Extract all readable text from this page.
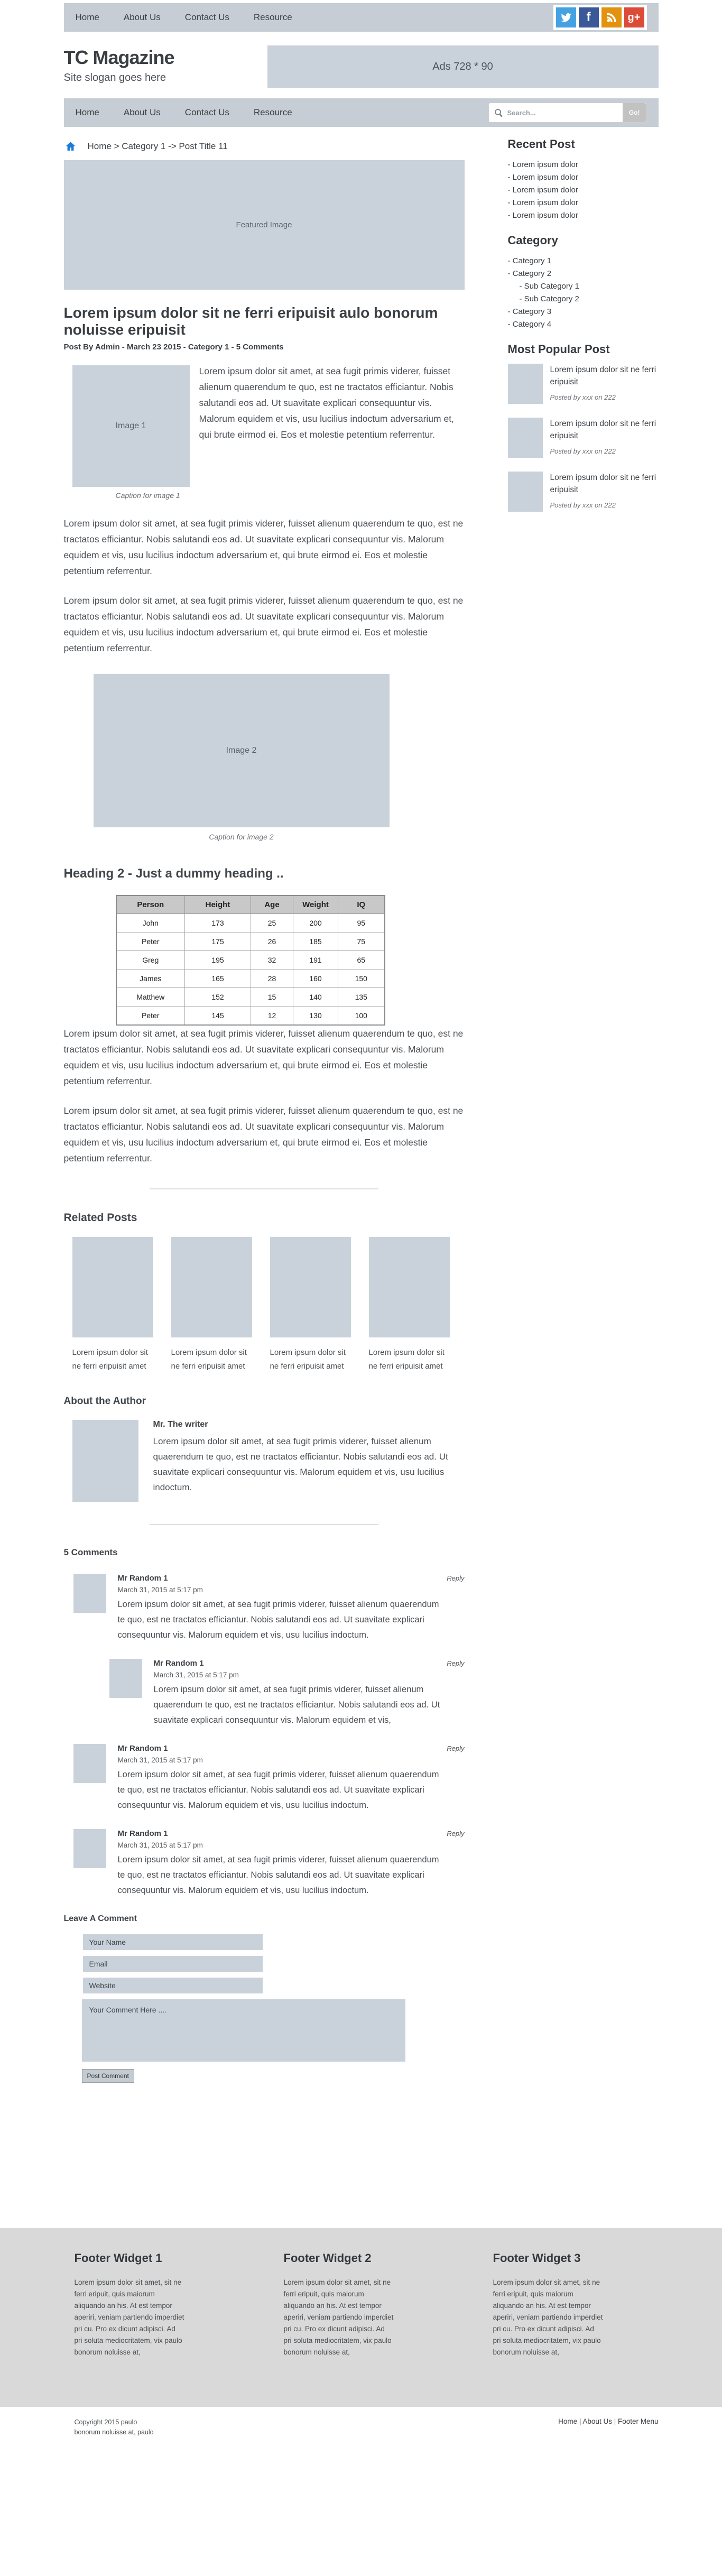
Home	About Us	Contact Us	Resource	f	g+
TC Magazine
Site slogan goes here
Ads 728 * 90
Home	About Us	Contact Us	Resource
Search...	Go!
Home > Category 1 -> Post Title 11
Featured Image
Lorem ipsum dolor sit ne ferri eripuisit aulo bonorum noluisse eripuisit
Post By Admin - March 23 2015 - Category 1 - 5 Comments
Image 1

Lorem ipsum dolor sit amet, at sea fugit primis viderer, fuisset alienum quaerendum te quo, est ne tractatos efficiantur. Nobis salutandi eos ad. Ut suavitate explicari consequuntur vis. Malorum equidem et vis, usu lucilius indoctum adversarium et, qui brute eirmod ei. Eos et molestie petentium referrentur.

Caption for image 1

Lorem ipsum dolor sit amet, at sea fugit primis viderer, fuisset alienum quaerendum te quo, est ne tractatos efficiantur. Nobis salutandi eos ad. Ut suavitate explicari consequuntur vis. Malorum equidem et vis, usu lucilius indoctum adversarium et, qui brute eirmod ei. Eos et molestie petentium referrentur.

Lorem ipsum dolor sit amet, at sea fugit primis viderer, fuisset alienum quaerendum te quo, est ne tractatos efficiantur. Nobis salutandi eos ad. Ut suavitate explicari consequuntur vis. Malorum equidem et vis, usu lucilius indoctum adversarium et, qui brute eirmod ei. Eos et molestie petentium referrentur.

Image 2
Caption for image 2
Heading 2 - Just a dummy heading ..
Person	Height	Age	Weight	IQ
John	173	25	200	95
Peter	175	26	185	75
Greg	195	32	191	65
James	165	28	160	150
Matthew	152	15	140	135
Peter	145	12	130	100

Lorem ipsum dolor sit amet, at sea fugit primis viderer, fuisset alienum quaerendum te quo, est ne tractatos efficiantur. Nobis salutandi eos ad. Ut suavitate explicari consequuntur vis. Malorum equidem et vis, usu lucilius indoctum adversarium et, qui brute eirmod ei. Eos et molestie petentium referrentur.

Lorem ipsum dolor sit amet, at sea fugit primis viderer, fuisset alienum quaerendum te quo, est ne tractatos efficiantur. Nobis salutandi eos ad. Ut suavitate explicari consequuntur vis. Malorum equidem et vis, usu lucilius indoctum adversarium et, qui brute eirmod ei. Eos et molestie petentium referrentur.

Related Posts
Lorem ipsum dolor sit ne ferri eripuisit amet
Lorem ipsum dolor sit ne ferri eripuisit amet
Lorem ipsum dolor sit ne ferri eripuisit amet
Lorem ipsum dolor sit ne ferri eripuisit amet
About the Author
Mr. The writer
Lorem ipsum dolor sit amet, at sea fugit primis viderer, fuisset alienum quaerendum te quo, est ne tractatos efficiantur. Nobis salutandi eos ad. Ut suavitate explicari consequuntur vis. Malorum equidem et vis, usu lucilius indoctum.
5 Comments
Mr Random 1	Reply
March 31, 2015 at 5:17 pm
Lorem ipsum dolor sit amet, at sea fugit primis viderer, fuisset alienum quaerendum te quo, est ne tractatos efficiantur. Nobis salutandi eos ad. Ut suavitate explicari consequuntur vis. Malorum equidem et vis, usu lucilius indoctum.
Mr Random 1	Reply
March 31, 2015 at 5:17 pm
Lorem ipsum dolor sit amet, at sea fugit primis viderer, fuisset alienum quaerendum te quo, est ne tractatos efficiantur. Nobis salutandi eos ad. Ut suavitate explicari consequuntur vis. Malorum equidem et vis,
Mr Random 1	Reply
March 31, 2015 at 5:17 pm
Lorem ipsum dolor sit amet, at sea fugit primis viderer, fuisset alienum quaerendum te quo, est ne tractatos efficiantur. Nobis salutandi eos ad. Ut suavitate explicari consequuntur vis. Malorum equidem et vis, usu lucilius indoctum.
Mr Random 1	Reply
March 31, 2015 at 5:17 pm
Lorem ipsum dolor sit amet, at sea fugit primis viderer, fuisset alienum quaerendum te quo, est ne tractatos efficiantur. Nobis salutandi eos ad. Ut suavitate explicari consequuntur vis. Malorum equidem et vis, usu lucilius indoctum.
Leave A Comment
Your Name
Email
Website
Your Comment Here .... Post Comment
Recent Post
- Lorem ipsum dolor
- Lorem ipsum dolor
- Lorem ipsum dolor
- Lorem ipsum dolor
- Lorem ipsum dolor
Category
- Category 1
- Category 2
- Sub Category 1
- Sub Category 2
- Category 3
- Category 4
Most Popular Post
Lorem ipsum dolor sit ne ferri eripuisit
Posted by xxx on 222
Lorem ipsum dolor sit ne ferri eripuisit
Posted by xxx on 222
Lorem ipsum dolor sit ne ferri eripuisit
Posted by xxx on 222
Footer Widget 1
Lorem ipsum dolor sit amet, sit ne ferri eripuit, quis maiorum aliquando an his. At est tempor aperiri, veniam partiendo imperdiet pri cu. Pro ex dicunt adipisci. Ad pri soluta mediocritatem, vix paulo bonorum noluisse at,
Footer Widget 2
Lorem ipsum dolor sit amet, sit ne ferri eripuit, quis maiorum aliquando an his. At est tempor aperiri, veniam partiendo imperdiet pri cu. Pro ex dicunt adipisci. Ad pri soluta mediocritatem, vix paulo bonorum noluisse at,
Footer Widget 3
Lorem ipsum dolor sit amet, sit ne ferri eripuit, quis maiorum aliquando an his. At est tempor aperiri, veniam partiendo imperdiet pri cu. Pro ex dicunt adipisci. Ad pri soluta mediocritatem, vix paulo bonorum noluisse at,
Copyright 2015 paulo bonorum noluisse at, paulo
Home | About Us | Footer Menu
